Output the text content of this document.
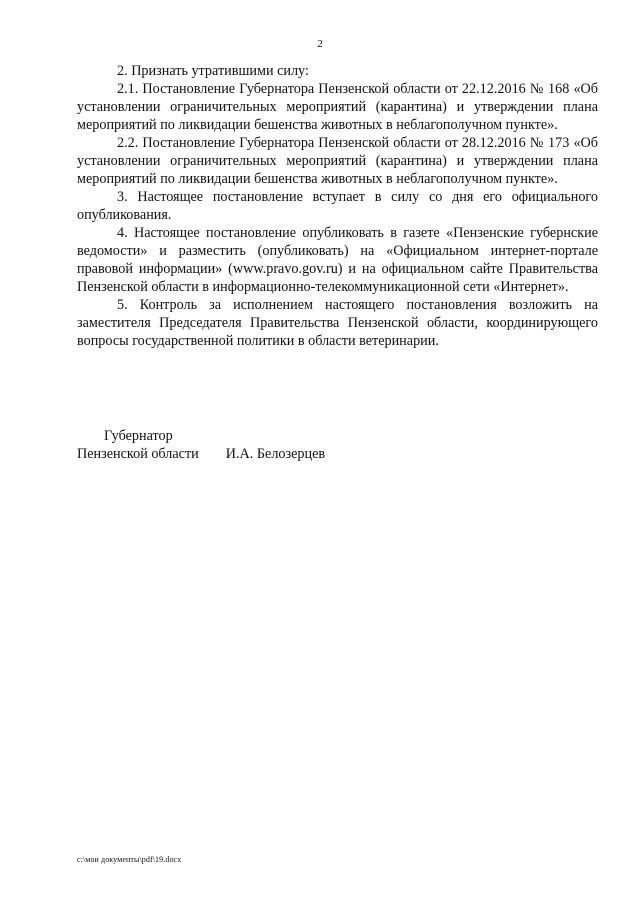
2

2. Признать утратившими силу:

2.1. Постановление Губернатора Пензенской области от 22.12.2016 № 168 «Об установлении ограничительных мероприятий (карантина) и утверждении плана мероприятий по ликвидации бешенства животных в неблагополучном пункте».

2.2. Постановление Губернатора Пензенской области от 28.12.2016 № 173 «Об установлении ограничительных мероприятий (карантина) и утверждении плана мероприятий по ликвидации бешенства животных в неблагополучном пункте».

3. Настоящее постановление вступает в силу со дня его официального опубликования.

4. Настоящее постановление опубликовать в газете «Пензенские губернские ведомости» и разместить (опубликовать) на «Официальном интернет-портале правовой информации» (www.pravo.gov.ru) и на официальном сайте Правительства Пензенской области в информационно-телекоммуникационной сети «Интернет».

5. Контроль за исполнением настоящего постановления возложить на заместителя Председателя Правительства Пензенской области, координирующего вопросы государственной политики в области ветеринарии.

Губернатор
Пензенской области И.А. Белозерцев
c:\мои документы\pdf\19.docx
